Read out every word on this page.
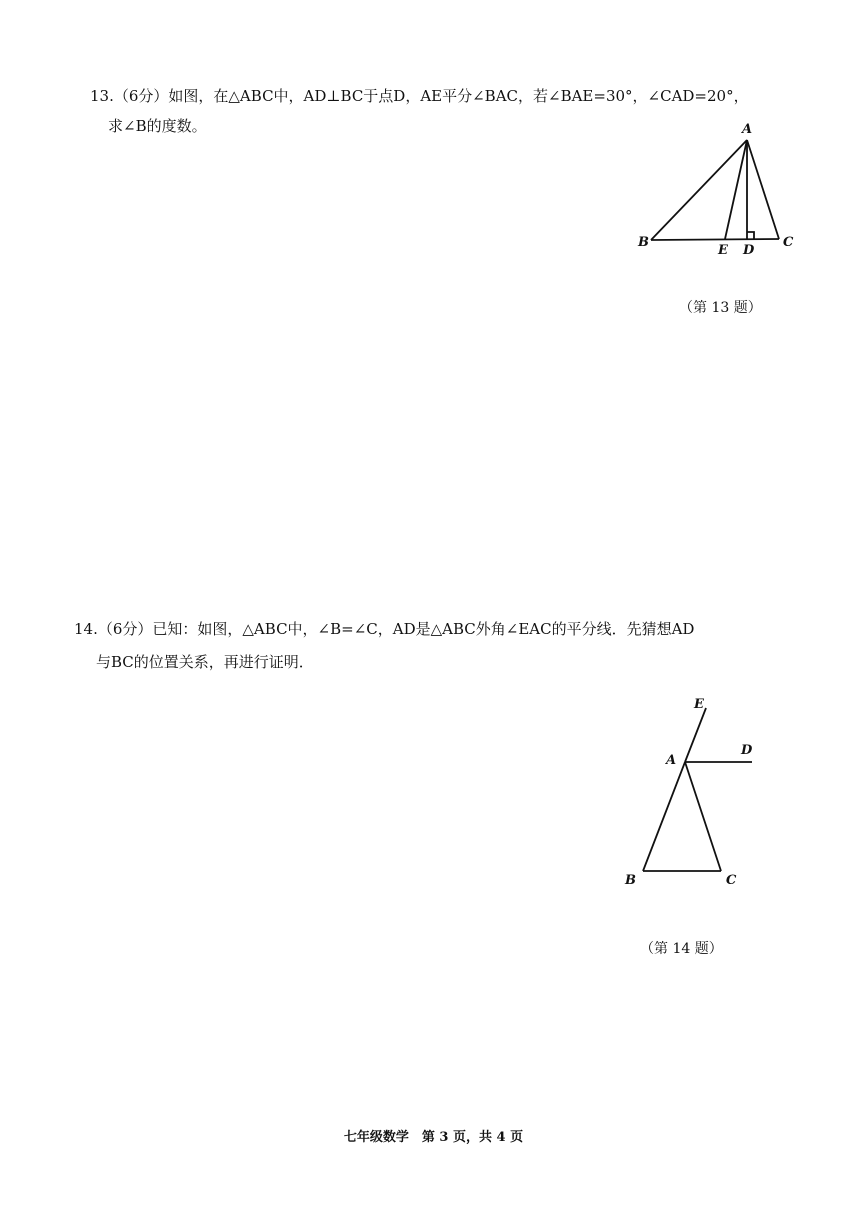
13.（6分）如图，在△ABC中，AD⊥BC于点D，AE平分∠BAC，若∠BAE=30°，∠CAD=20°，
求∠B的度数。	A
B
E D
C
（第 13 题）
14.（6分）已知：如图，△ABC中，∠B=∠C，AD是△ABC外角∠EAC的平分线．先猜想AD
与BC的位置关系，再进行证明．
E
D
A
B	C
（第 14 题）
七年级数学　第 3 页，共 4 页
